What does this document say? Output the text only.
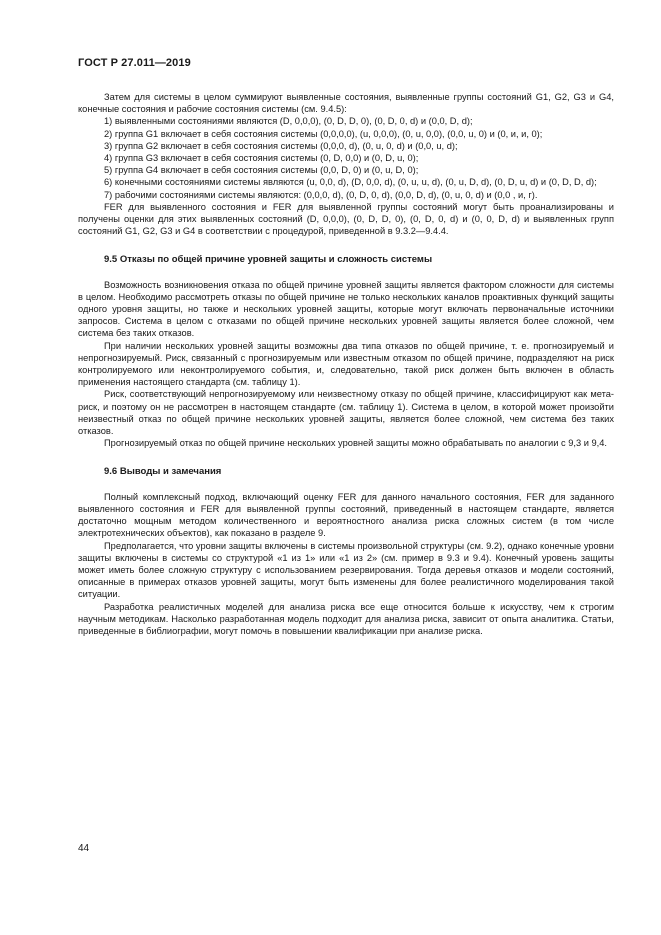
ГОСТ Р 27.011—2019

Затем для системы в целом суммируют выявленные состояния, выявленные группы состояний G1, G2, G3 и G4, конечные состояния и рабочие состояния системы (см. 9.4.5):

1) выявленными состояниями являются (D, 0,0,0), (0, D, D, 0), (0, D, 0, d) и (0,0, D, d);

2) группа G1 включает в себя состояния системы (0,0,0,0), (u, 0,0,0), (0, u, 0,0), (0,0, u, 0) и (0, и, и, 0);

3) группа G2 включает в себя состояния системы (0,0,0, d), (0, u, 0, d) и (0,0, u, d);

4) группа G3 включает в себя состояния системы (0, D, 0,0) и (0, D, u, 0);

5) группа G4 включает в себя состояния системы (0,0, D, 0) и (0, u, D, 0);

6) конечными состояниями системы являются (u, 0,0, d), (D, 0,0, d), (0, u, u, d), (0, u, D, d), (0, D, u, d) и (0, D, D, d);

7) рабочими состояниями системы являются: (0,0,0, d), (0, D, 0, d), (0,0, D, d), (0, u, 0, d) и (0,0 , и, г).

FER для выявленного состояния и FER для выявленной группы состояний могут быть проанализированы и получены оценки для этих выявленных состояний (D, 0,0,0), (0, D, D, 0), (0, D, 0, d) и (0, 0, D, d) и выявленных групп состояний G1, G2, G3 и G4 в соответствии с процедурой, приведенной в 9.3.2—9.4.4.

9.5 Отказы по общей причине уровней защиты и сложность системы

Возможность возникновения отказа по общей причине уровней защиты является фактором сложности для системы в целом. Необходимо рассмотреть отказы по общей причине не только нескольких каналов проактивных функций защиты одного уровня защиты, но также и нескольких уровней защиты, которые могут включать первоначальные источники запросов. Система в целом с отказами по общей причине нескольких уровней защиты является более сложной, чем система без таких отказов.

При наличии нескольких уровней защиты возможны два типа отказов по общей причине, т. е. прогнозируемый и непрогнозируемый. Риск, связанный с прогнозируемым или известным отказом по общей причине, подразделяют на риск контролируемого или неконтролируемого события, и, следовательно, такой риск должен быть включен в область применения настоящего стандарта (см. таблицу 1).

Риск, соответствующий непрогнозируемому или неизвестному отказу по общей причине, классифицируют как мета-риск, и поэтому он не рассмотрен в настоящем стандарте (см. таблицу 1). Система в целом, в которой может произойти неизвестный отказ по общей причине нескольких уровней защиты, является более сложной, чем система без таких отказов.

Прогнозируемый отказ по общей причине нескольких уровней защиты можно обрабатывать по аналогии с 9,3 и 9,4.

9.6 Выводы и замечания

Полный комплексный подход, включающий оценку FER для данного начального состояния, FER для заданного выявленного состояния и FER для выявленной группы состояний, приведенный в настоящем стандарте, является достаточно мощным методом количественного и вероятностного анализа риска сложных систем (в том числе электротехнических объектов), как показано в разделе 9.

Предполагается, что уровни защиты включены в системы произвольной структуры (см. 9.2), однако конечные уровни защиты включены в системы со структурой «1 из 1» или «1 из 2» (см. пример в 9.3 и 9.4). Конечный уровень защиты может иметь более сложную структуру с использованием резервирования. Тогда деревья отказов и модели состояний, описанные в примерах отказов уровней защиты, могут быть изменены для более реалистичного моделирования такой ситуации.

Разработка реалистичных моделей для анализа риска все еще относится больше к искусству, чем к строгим научным методикам. Насколько разработанная модель подходит для анализа риска, зависит от опыта аналитика. Статьи, приведенные в библиографии, могут помочь в повышении квалификации при анализе риска.

44
